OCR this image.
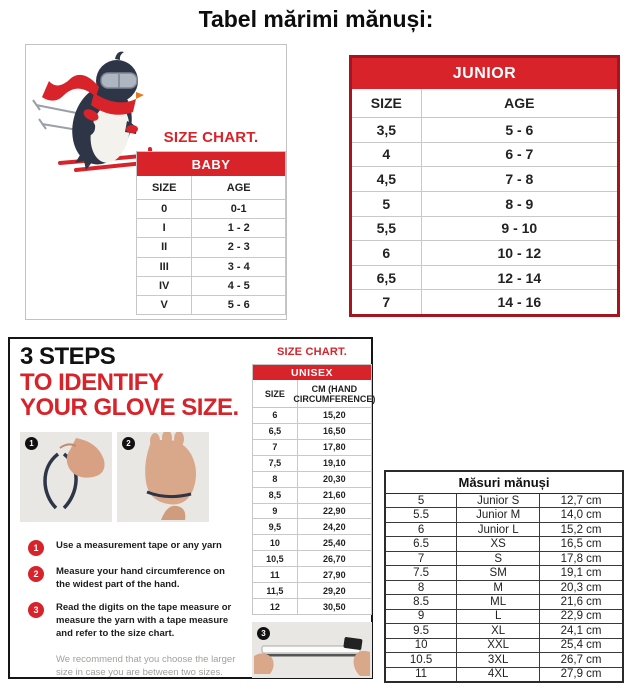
Tabel mărimi mănuși:
SIZE CHART.
BABY
SIZE	AGE
0	0-1
I	1 - 2
II	2 - 3
III	3 - 4
IV	4 - 5
V	5 - 6
JUNIOR
SIZE	AGE
3,5	5 - 6
4	6 - 7
4,5	7 - 8
5	8 - 9
5,5	9 - 10
6	10 - 12
6,5	12 - 14
7	14 - 16
3 STEPS
TO IDENTIFY
YOUR GLOVE SIZE.
1	2
1	Use a measurement tape or any yarn
2	Measure your hand circumference on the widest part of the hand.
3	Read the digits on the tape measure or measure the yarn with a tape measure and refer to the size chart.
We recommend that you choose the larger size in case you are between two sizes.
SIZE CHART.
UNISEX
SIZE	CM (HAND CIRCUMFERENCE)
6	15,20
6,5	16,50
7	17,80
7,5	19,10
8	20,30
8,5	21,60
9	22,90
9,5	24,20
10	25,40
10,5	26,70
11	27,90
11,5	29,20
12	30,50
3
Măsuri mănuși
5	Junior S	12,7 cm
5.5	Junior M	14,0 cm
6	Junior L	15,2 cm
6.5	XS	16,5 cm
7	S	17,8 cm
7.5	SM	19,1 cm
8	M	20,3 cm
8.5	ML	21,6 cm
9	L	22,9 cm
9.5	XL	24,1 cm
10	XXL	25,4 cm
10.5	3XL	26,7 cm
11	4XL	27,9 cm
